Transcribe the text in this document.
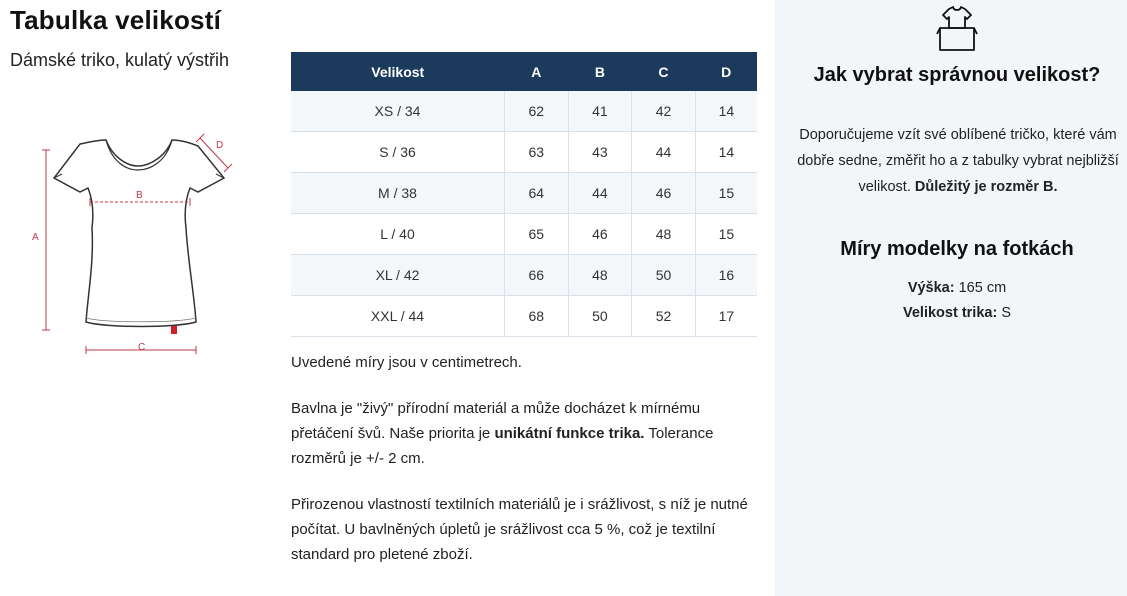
Tabulka velikostí
Dámské triko, kulatý výstřih
B
A
C
D
Velikost	A	B	C	D
XS / 34	62	41	42	14
S / 36	63	43	44	14
M / 38	64	44	46	15
L / 40	65	46	48	15
XL / 42	66	48	50	16
XXL / 44	68	50	52	17

Uvedené míry jsou v centimetrech.

Bavlna je "živý" přírodní materiál a může docházet k mírnému přetáčení švů. Naše priorita je unikátní funkce trika. Tolerance rozměrů je +/- 2 cm.

Přirozenou vlastností textilních materiálů je i srážlivost, s níž je nutné počítat. U bavlněných úpletů je srážlivost cca 5 %, což je textilní standard pro pletené zboží.

Jak vybrat správnou velikost?
Doporučujeme vzít své oblíbené tričko, které vám dobře sedne, změřit ho a z tabulky vybrat nejbližší velikost. Důležitý je rozměr B.
Míry modelky na fotkách
Výška: 165 cm
Velikost trika: S
